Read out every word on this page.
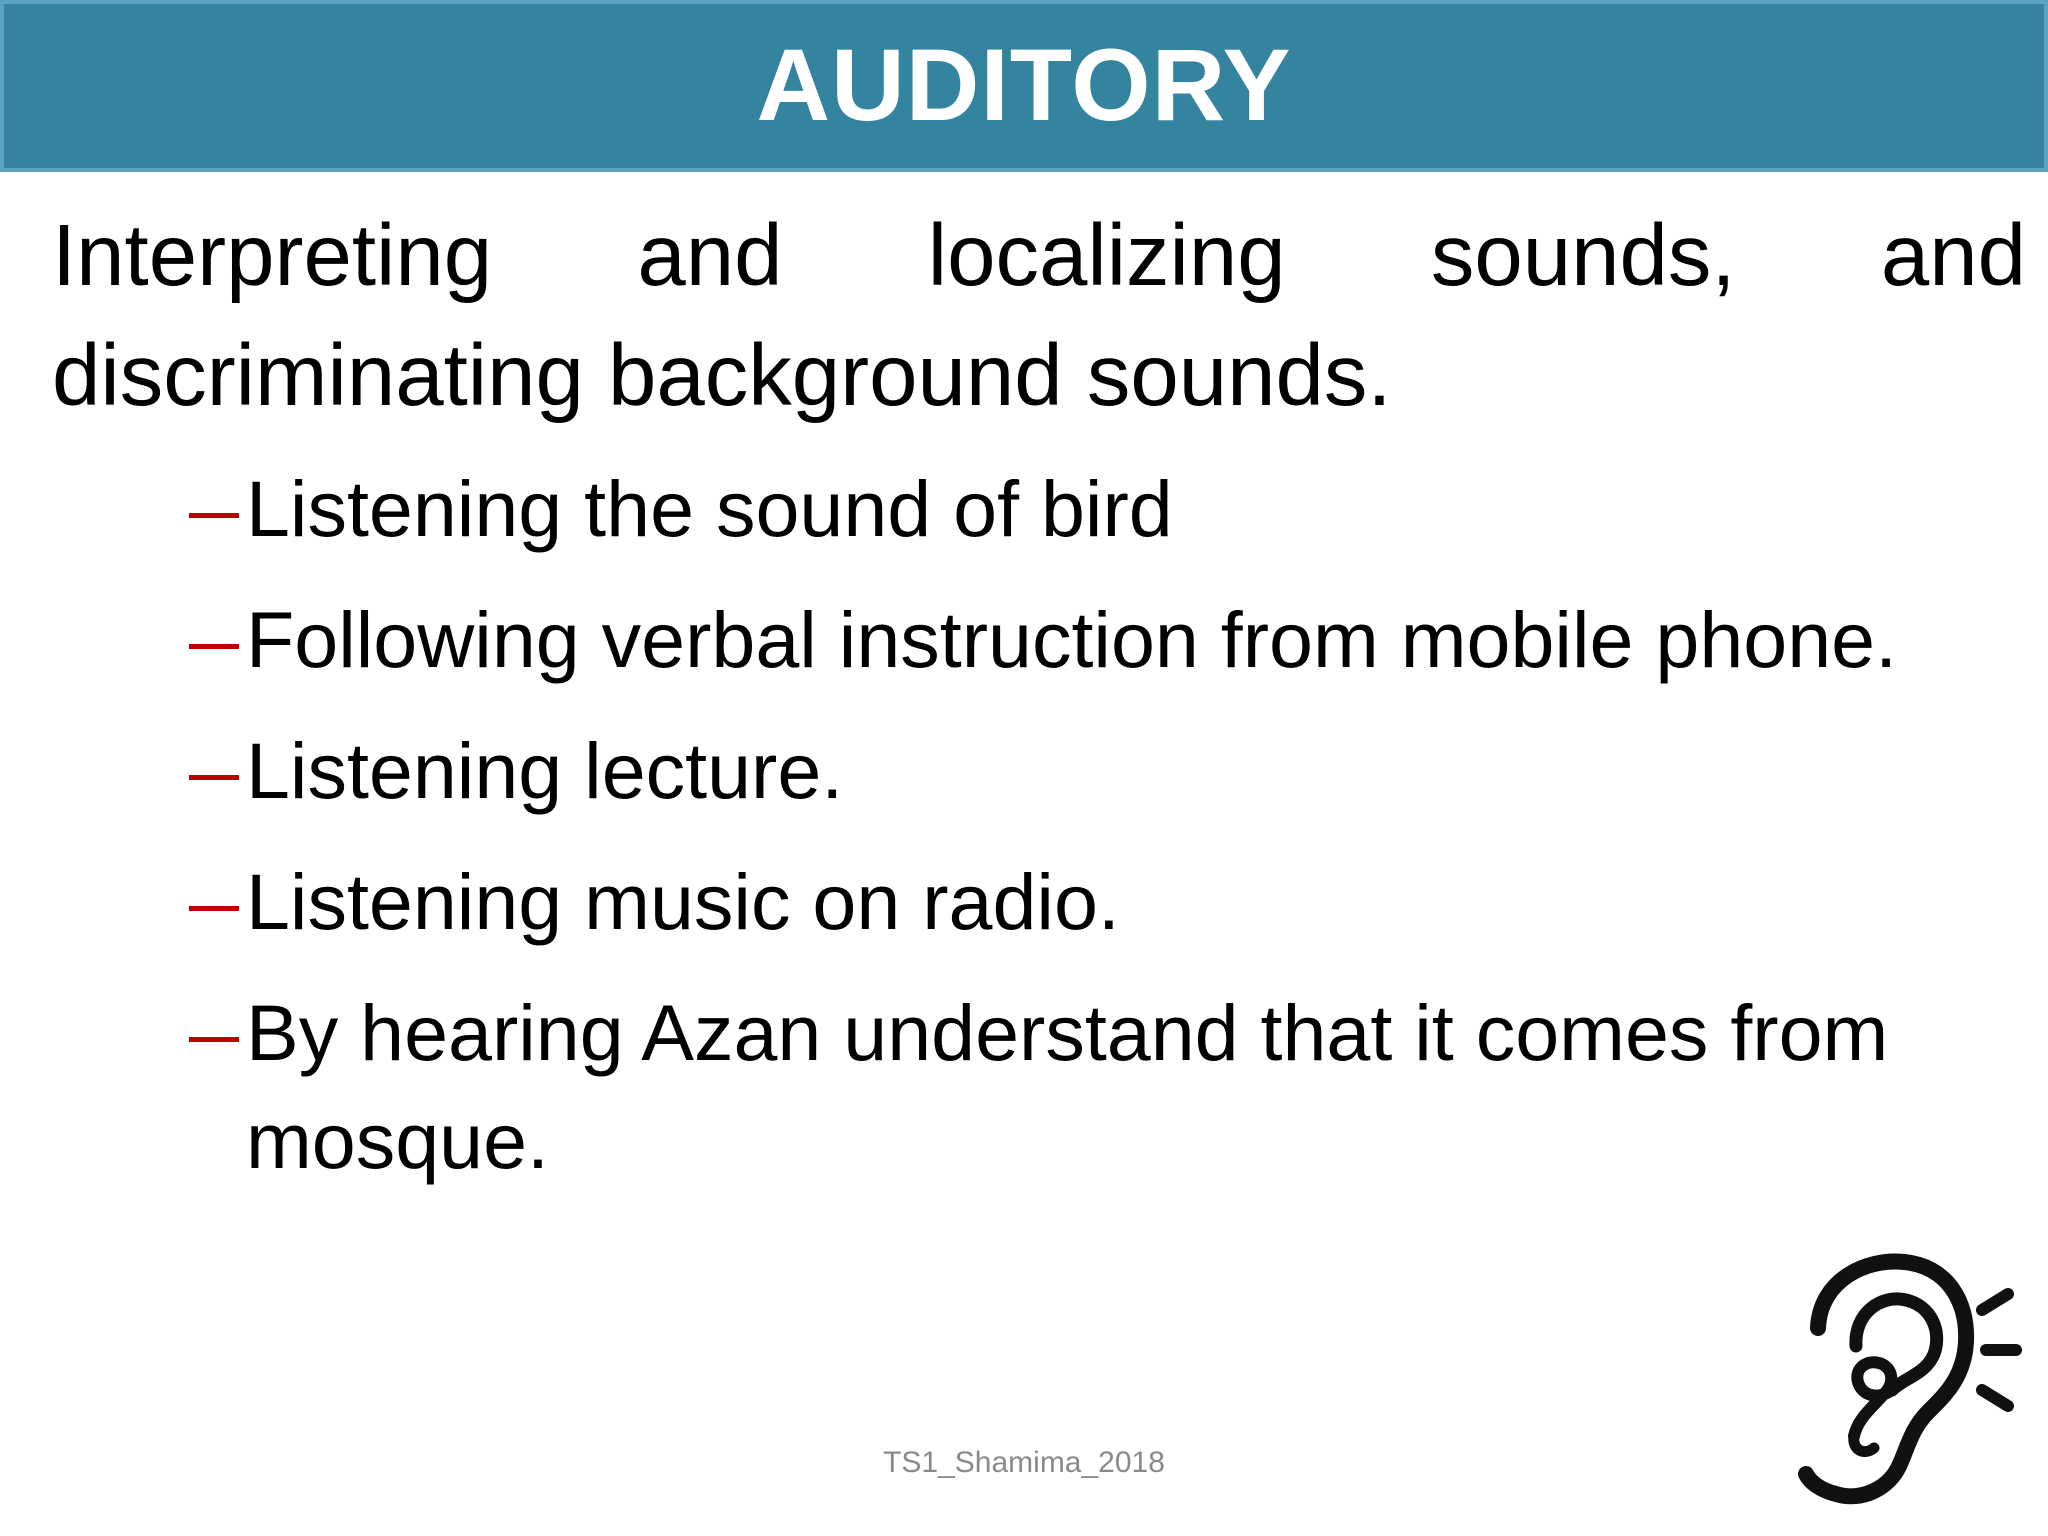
AUDITORY
Interpreting and localizing sounds, and
discriminating background sounds.
Listening the sound of bird
Following verbal instruction from mobile phone.
Listening lecture.
Listening music on radio.
By hearing Azan understand that it comes from mosque.
TS1_Shamima_2018
